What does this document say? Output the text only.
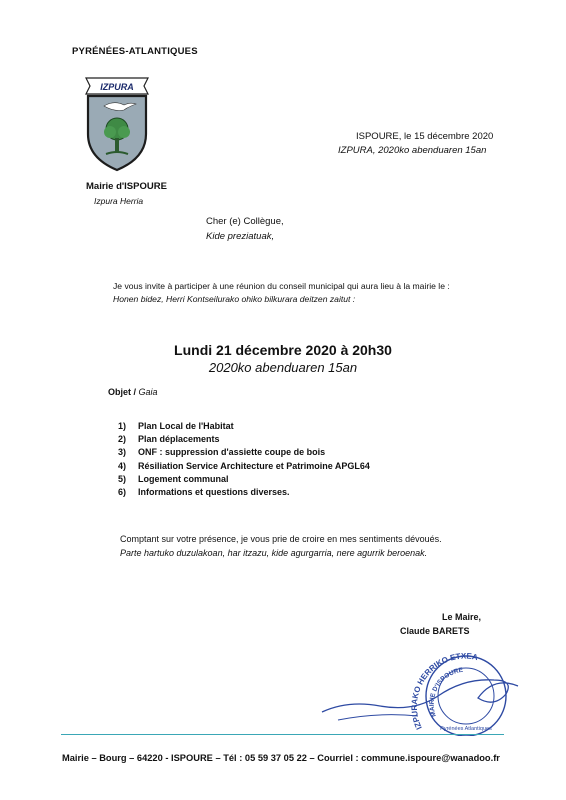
PYRÉNÉES-ATLANTIQUES
IZPURA
Mairie d'ISPOURE
Izpura Herria
ISPOURE, le 15 décembre 2020
IZPURA, 2020ko abenduaren 15an
Cher (e) Collègue,
Kide preziatuak,
Je vous invite à participer à une réunion du conseil municipal qui aura lieu à la mairie le :
Honen bidez, Herri Kontseilurako ohiko bilkurara deitzen zaitut :
Lundi 21 décembre 2020 à 20h30
2020ko abenduaren 15an
Objet / Gaia
1) Plan Local de l'Habitat
2) Plan déplacements
3) ONF : suppression d'assiette coupe de bois
4) Résiliation Service Architecture et Patrimoine APGL64
5) Logement communal
6) Informations et questions diverses.
Comptant sur votre présence, je vous prie de croire en mes sentiments dévoués.
Parte hartuko duzulakoan, har itzazu, kide agurgarria, nere agurrik beroenak.
Le Maire,
Claude BARETS
IZPURAKO HERRIKO ETXEA
MAIRIE D'ISPOURE
Pyrénées Atlantiques
Mairie – Bourg – 64220 - ISPOURE – Tél : 05 59 37 05 22 – Courriel : commune.ispoure@wanadoo.fr
